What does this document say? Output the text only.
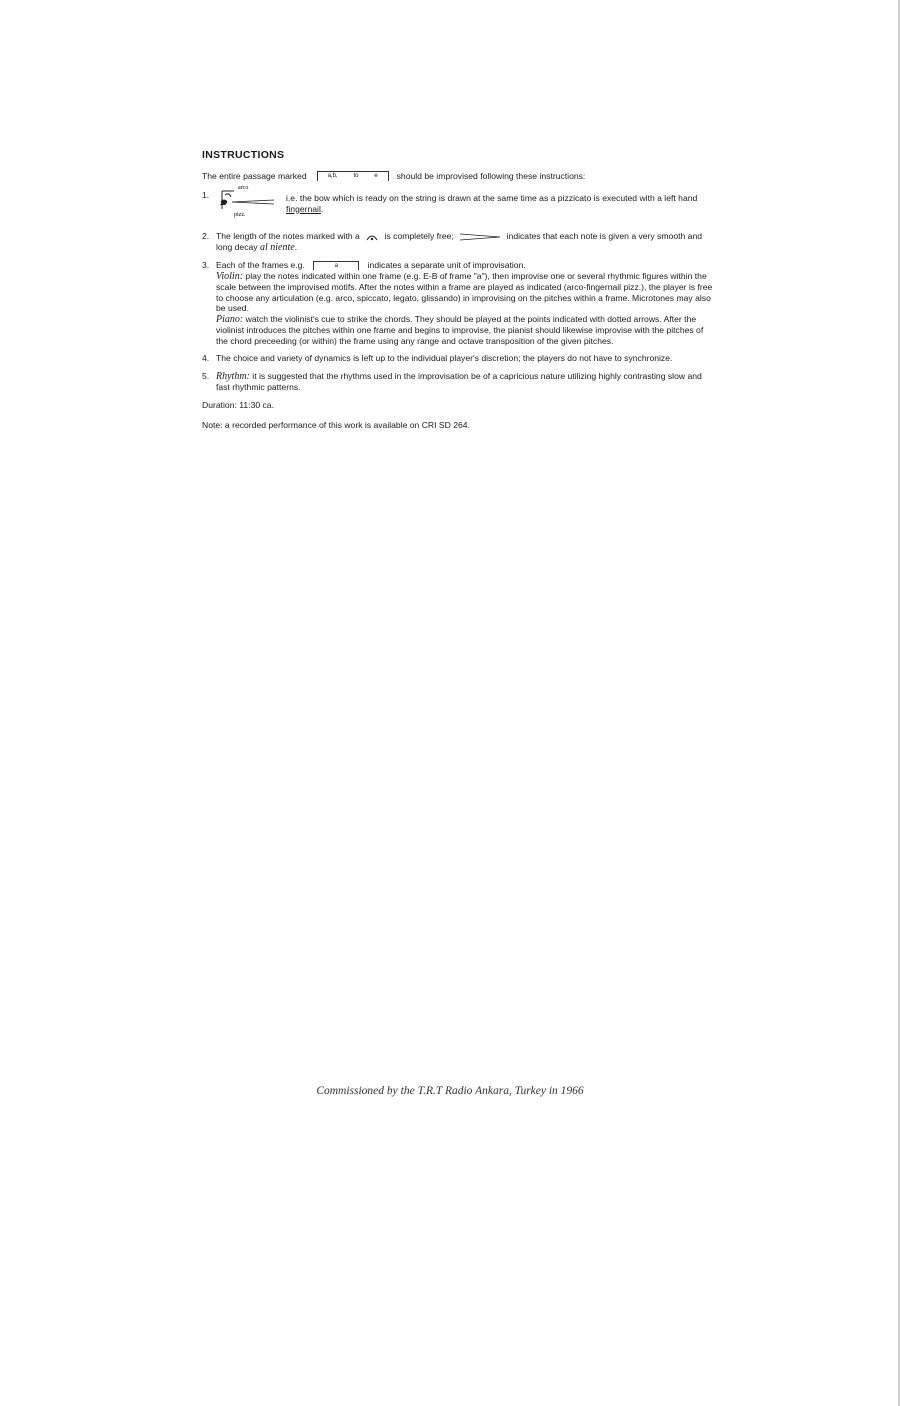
INSTRUCTIONS
The entire passage marked	a,b,	to	e should be improvised following these instructions:
1.
arco
pizz.
i.e. the bow which is ready on the string is drawn at the same time as a pizzicato is executed with a left hand fingernail.
2. The length of the notes marked with a	is completely free;	indicates that each note is given a very smooth and long decay al niente.
3. Each of the frames e.g.	a	indicates a separate unit of improvisation.
Violin: play the notes indicated within one frame (e.g. E-B of frame "a"), then improvise one or several rhythmic figures within the scale between the improvised motifs. After the notes within a frame are played as indicated (arco-fingernail pizz.), the player is free to choose any articulation (e.g. arco, spiccato, legato, glissando) in improvising on the pitches within a frame. Microtones may also be used.
Piano: watch the violinist's cue to strike the chords. They should be played at the points indicated with dotted arrows. After the violinist introduces the pitches within one frame and begins to improvise, the pianist should likewise improvise with the pitches of the chord preceeding (or within) the frame using any range and octave transposition of the given pitches.
4. The choice and variety of dynamics is left up to the individual player's discretion; the players do not have to synchronize.
5. Rhythm: it is suggested that the rhythms used in the improvisation be of a capricious nature utilizing highly contrasting slow and fast rhythmic patterns.
Duration: 11:30 ca.
Note: a recorded performance of this work is available on CRI SD 264.
Commissioned by the T.R.T Radio Ankara, Turkey in 1966
